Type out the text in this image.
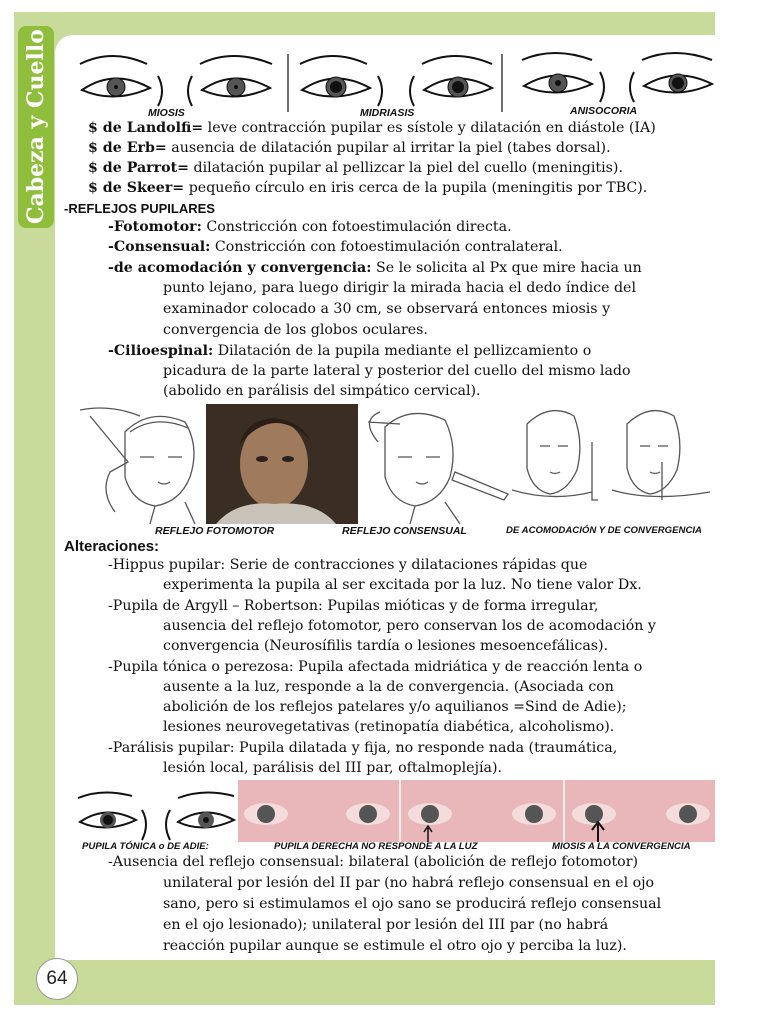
Cabeza y Cuello	MIOSIS	MIDRIASIS	ANISOCORIA
$ de Landolfi= leve contracción pupilar es sístole y dilatación en diástole (IA)
$ de Erb= ausencia de dilatación pupilar al irritar la piel (tabes dorsal).
$ de Parrot= dilatación pupilar al pellizcar la piel del cuello (meningitis).
$ de Skeer= pequeño círculo en iris cerca de la pupila (meningitis por TBC).
-REFLEJOS PUPILARES
-Fotomotor: Constricción con fotoestimulación directa.
-Consensual: Constricción con fotoestimulación contralateral.
-de acomodación y convergencia: Se le solicita al Px que mire hacia un
punto lejano, para luego dirigir la mirada hacia el dedo índice del
examinador colocado a 30 cm, se observará entonces miosis y
convergencia de los globos oculares.
-Cilioespinal: Dilatación de la pupila mediante el pellizcamiento o
picadura de la parte lateral y posterior del cuello del mismo lado
(abolido en parálisis del simpático cervical).
REFLEJO FOTOMOTOR	REFLEJO CONSENSUAL	DE ACOMODACIÓN Y DE CONVERGENCIA
Alteraciones:
-Hippus pupilar: Serie de contracciones y dilataciones rápidas que
experimenta la pupila al ser excitada por la luz. No tiene valor Dx.
-Pupila de Argyll – Robertson: Pupilas mióticas y de forma irregular,
ausencia del reflejo fotomotor, pero conservan los de acomodación y
convergencia (Neurosífilis tardía o lesiones mesoencefálicas).
-Pupila tónica o perezosa: Pupila afectada midriática y de reacción lenta o
ausente a la luz, responde a la de convergencia. (Asociada con
abolición de los reflejos patelares y/o aquilianos =Sind de Adie);
lesiones neurovegetativas (retinopatía diabética, alcoholismo).
-Parálisis pupilar: Pupila dilatada y fija, no responde nada (traumática,
lesión local, parálisis del III par, oftalmoplejía).
PUPILA TÓNICA o DE ADIE:	PUPILA DERECHA NO RESPONDE A LA LUZ	MIOSIS A LA CONVERGENCIA
-Ausencia del reflejo consensual: bilateral (abolición de reflejo fotomotor)
unilateral por lesión del II par (no habrá reflejo consensual en el ojo
sano, pero si estimulamos el ojo sano se producirá reflejo consensual
en el ojo lesionado); unilateral por lesión del III par (no habrá
reacción pupilar aunque se estimule el otro ojo y perciba la luz).
64
